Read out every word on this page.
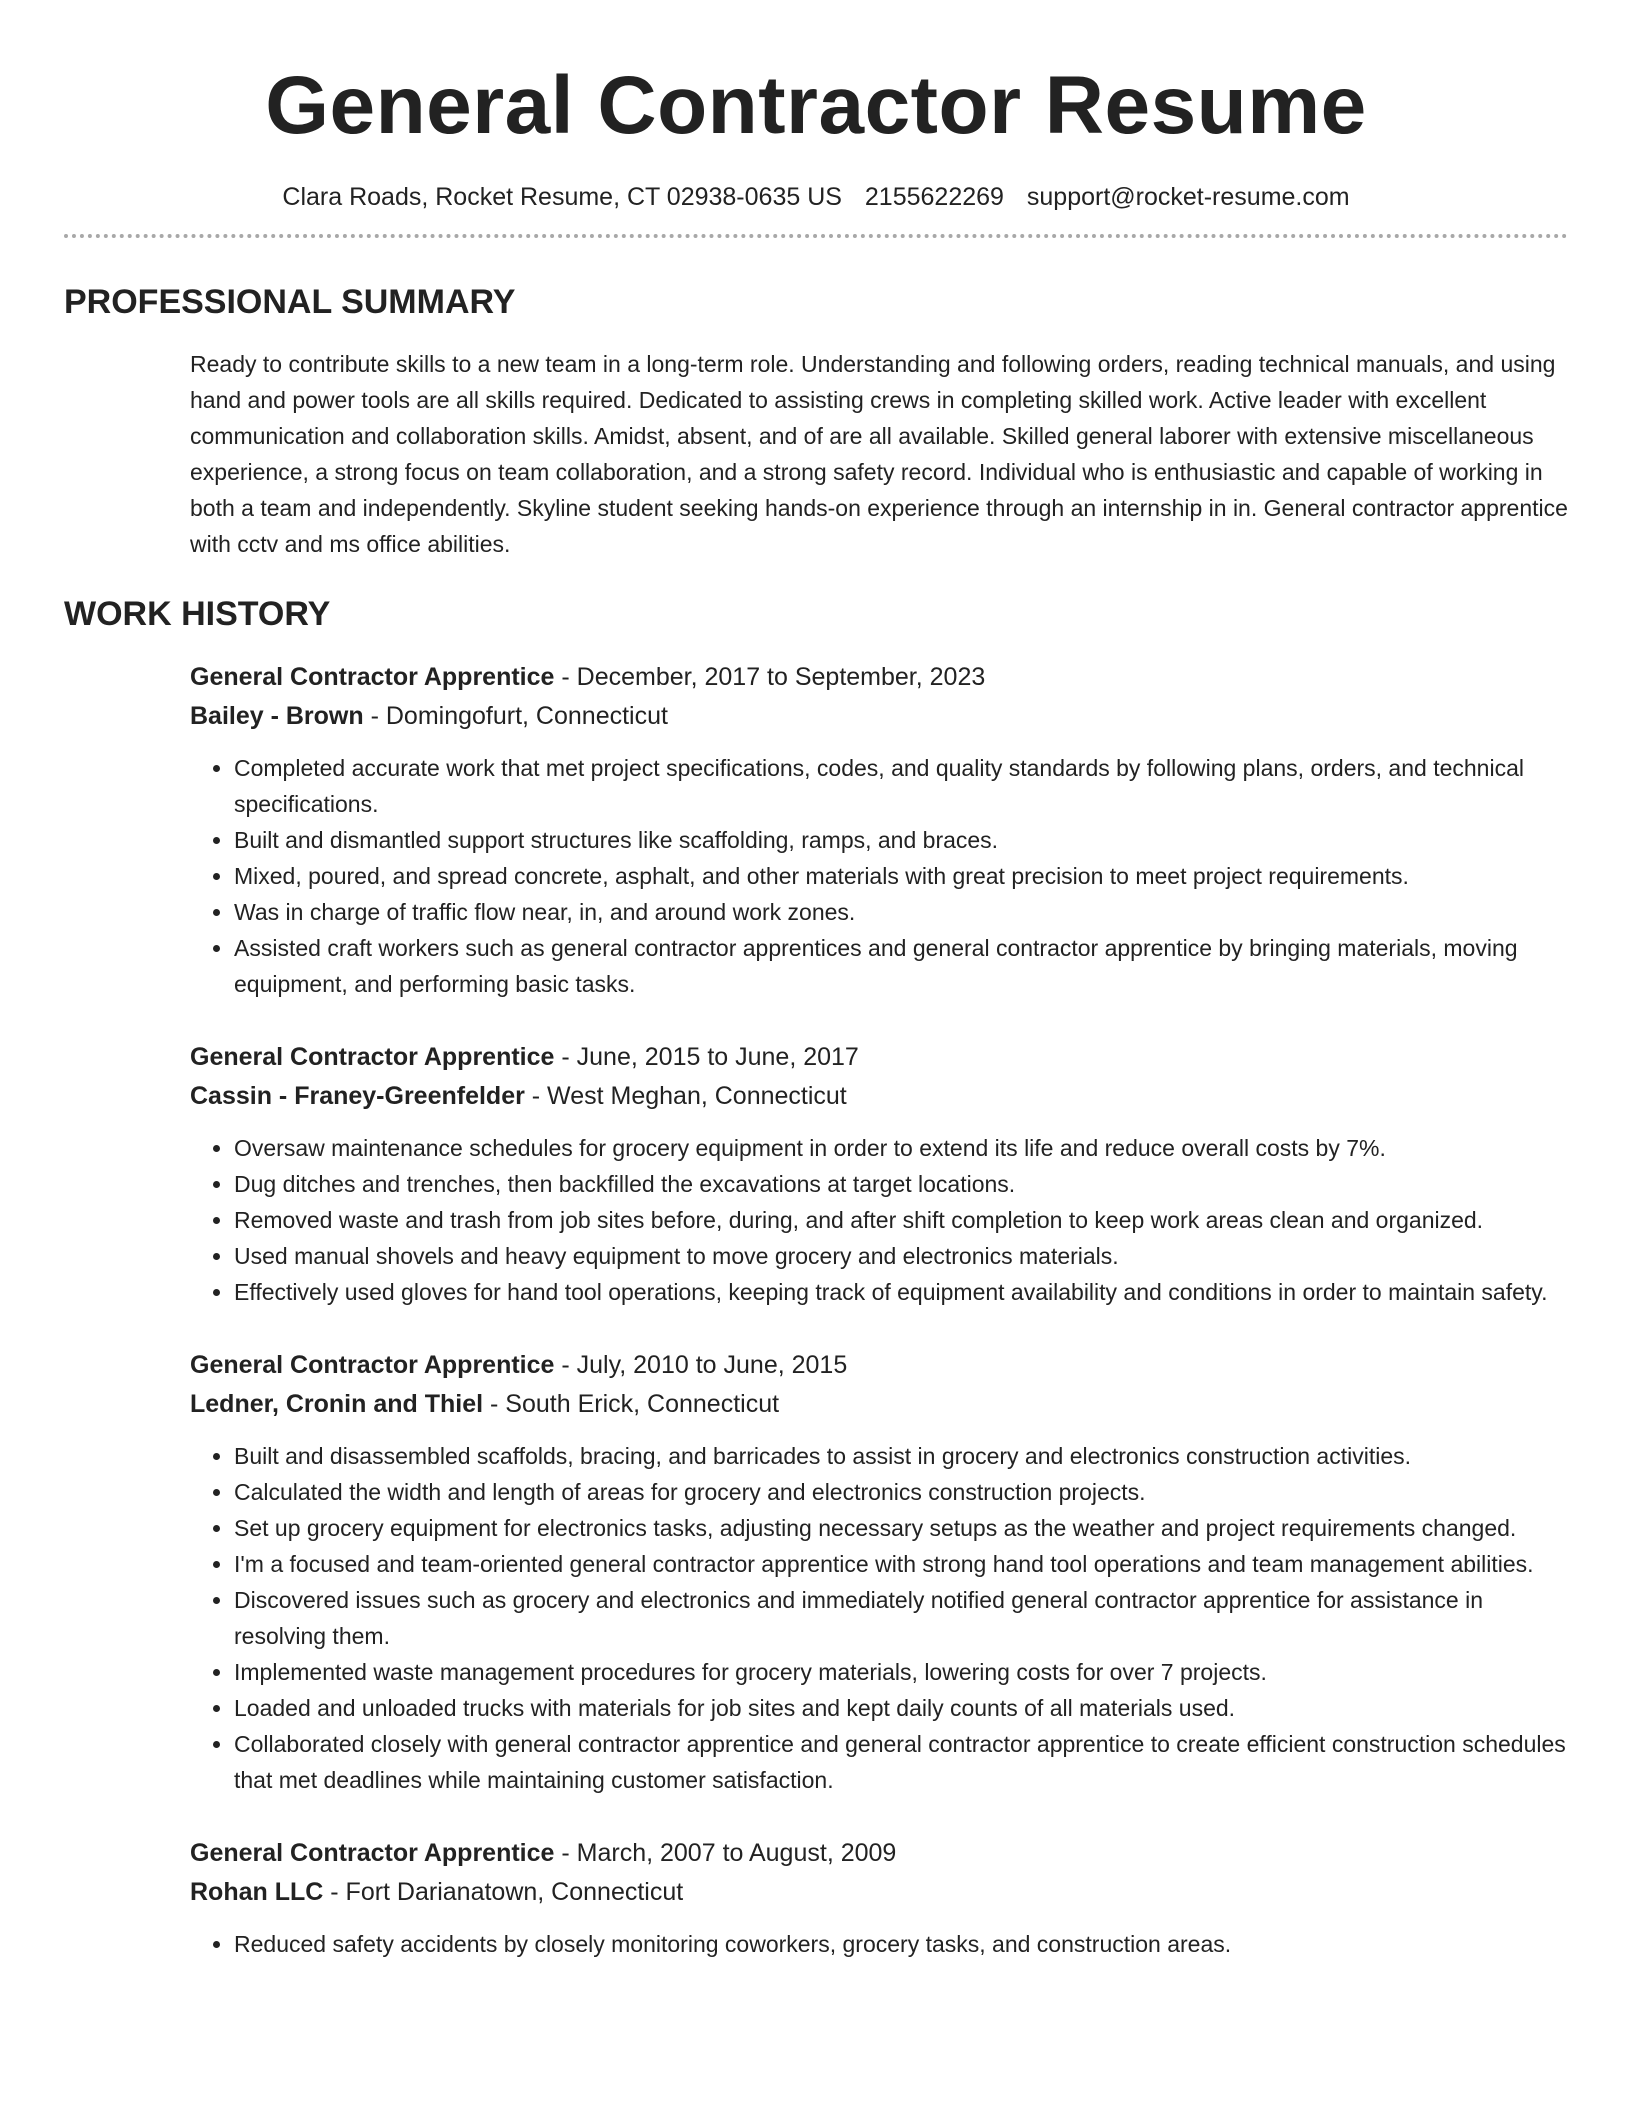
General Contractor Resume
Clara Roads, Rocket Resume, CT 02938-0635 US 2155622269 support@rocket-resume.com
PROFESSIONAL SUMMARY
Ready to contribute skills to a new team in a long-term role. Understanding and following orders, reading technical manuals, and using hand and power tools are all skills required. Dedicated to assisting crews in completing skilled work. Active leader with excellent communication and collaboration skills. Amidst, absent, and of are all available. Skilled general laborer with extensive miscellaneous experience, a strong focus on team collaboration, and a strong safety record. Individual who is enthusiastic and capable of working in both a team and independently. Skyline student seeking hands-on experience through an internship in in. General contractor apprentice with cctv and ms office abilities.
WORK HISTORY
General Contractor Apprentice - December, 2017 to September, 2023
Bailey - Brown - Domingofurt, Connecticut
• Completed accurate work that met project specifications, codes, and quality standards by following plans, orders, and technical specifications.
• Built and dismantled support structures like scaffolding, ramps, and braces.
• Mixed, poured, and spread concrete, asphalt, and other materials with great precision to meet project requirements.
• Was in charge of traffic flow near, in, and around work zones.
• Assisted craft workers such as general contractor apprentices and general contractor apprentice by bringing materials, moving equipment, and performing basic tasks.
General Contractor Apprentice - June, 2015 to June, 2017
Cassin - Franey-Greenfelder - West Meghan, Connecticut
• Oversaw maintenance schedules for grocery equipment in order to extend its life and reduce overall costs by 7%.
• Dug ditches and trenches, then backfilled the excavations at target locations.
• Removed waste and trash from job sites before, during, and after shift completion to keep work areas clean and organized.
• Used manual shovels and heavy equipment to move grocery and electronics materials.
• Effectively used gloves for hand tool operations, keeping track of equipment availability and conditions in order to maintain safety.
General Contractor Apprentice - July, 2010 to June, 2015
Ledner, Cronin and Thiel - South Erick, Connecticut
• Built and disassembled scaffolds, bracing, and barricades to assist in grocery and electronics construction activities.
• Calculated the width and length of areas for grocery and electronics construction projects.
• Set up grocery equipment for electronics tasks, adjusting necessary setups as the weather and project requirements changed.
• I'm a focused and team-oriented general contractor apprentice with strong hand tool operations and team management abilities.
• Discovered issues such as grocery and electronics and immediately notified general contractor apprentice for assistance in resolving them.
• Implemented waste management procedures for grocery materials, lowering costs for over 7 projects.
• Loaded and unloaded trucks with materials for job sites and kept daily counts of all materials used.
• Collaborated closely with general contractor apprentice and general contractor apprentice to create efficient construction schedules that met deadlines while maintaining customer satisfaction.
General Contractor Apprentice - March, 2007 to August, 2009
Rohan LLC - Fort Darianatown, Connecticut
• Reduced safety accidents by closely monitoring coworkers, grocery tasks, and construction areas.
